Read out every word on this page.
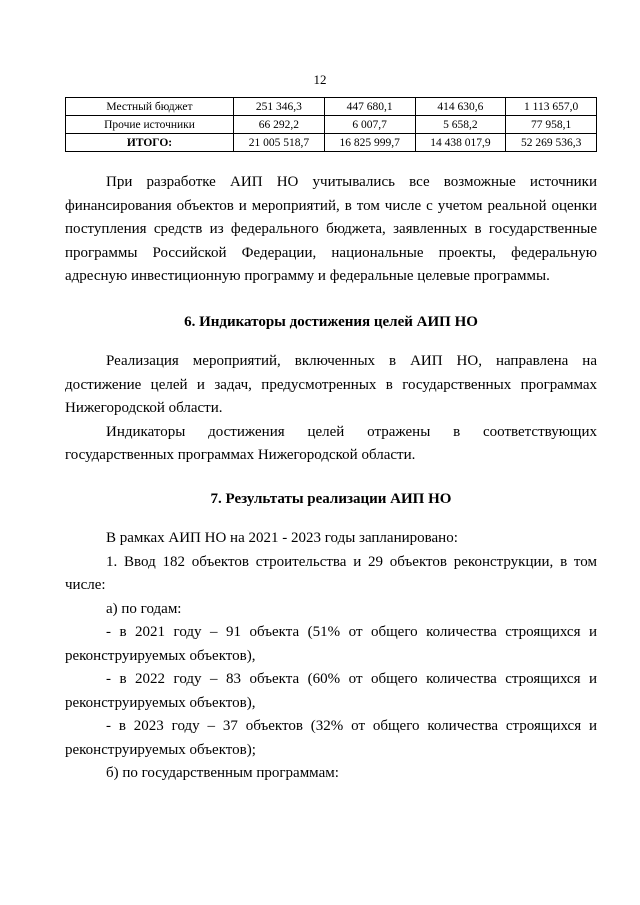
12
Местный бюджет	251 346,3	447 680,1	414 630,6	1 113 657,0
Прочие источники	66 292,2	6 007,7	5 658,2	77 958,1
ИТОГО:	21 005 518,7	16 825 999,7	14 438 017,9	52 269 536,3

При разработке АИП НО учитывались все возможные источники финансирования объектов и мероприятий, в том числе с учетом реальной оценки поступления средств из федерального бюджета, заявленных в государственные программы Российской Федерации, национальные проекты, федеральную адресную инвестиционную программу и федеральные целевые программы.

6. Индикаторы достижения целей АИП НО

Реализация мероприятий, включенных в АИП НО, направлена на достижение целей и задач, предусмотренных в государственных программах Нижегородской области.

Индикаторы достижения целей отражены в соответствующих государственных программах Нижегородской области.

7. Результаты реализации АИП НО

В рамках АИП НО на 2021 - 2023 годы запланировано:

1. Ввод 182 объектов строительства и 29 объектов реконструкции, в том числе:

а) по годам:

- в 2021 году – 91 объекта (51% от общего количества строящихся и реконструируемых объектов),

- в 2022 году – 83 объекта (60% от общего количества строящихся и реконструируемых объектов),

- в 2023 году – 37 объектов (32% от общего количества строящихся и реконструируемых объектов);

б) по государственным программам:
